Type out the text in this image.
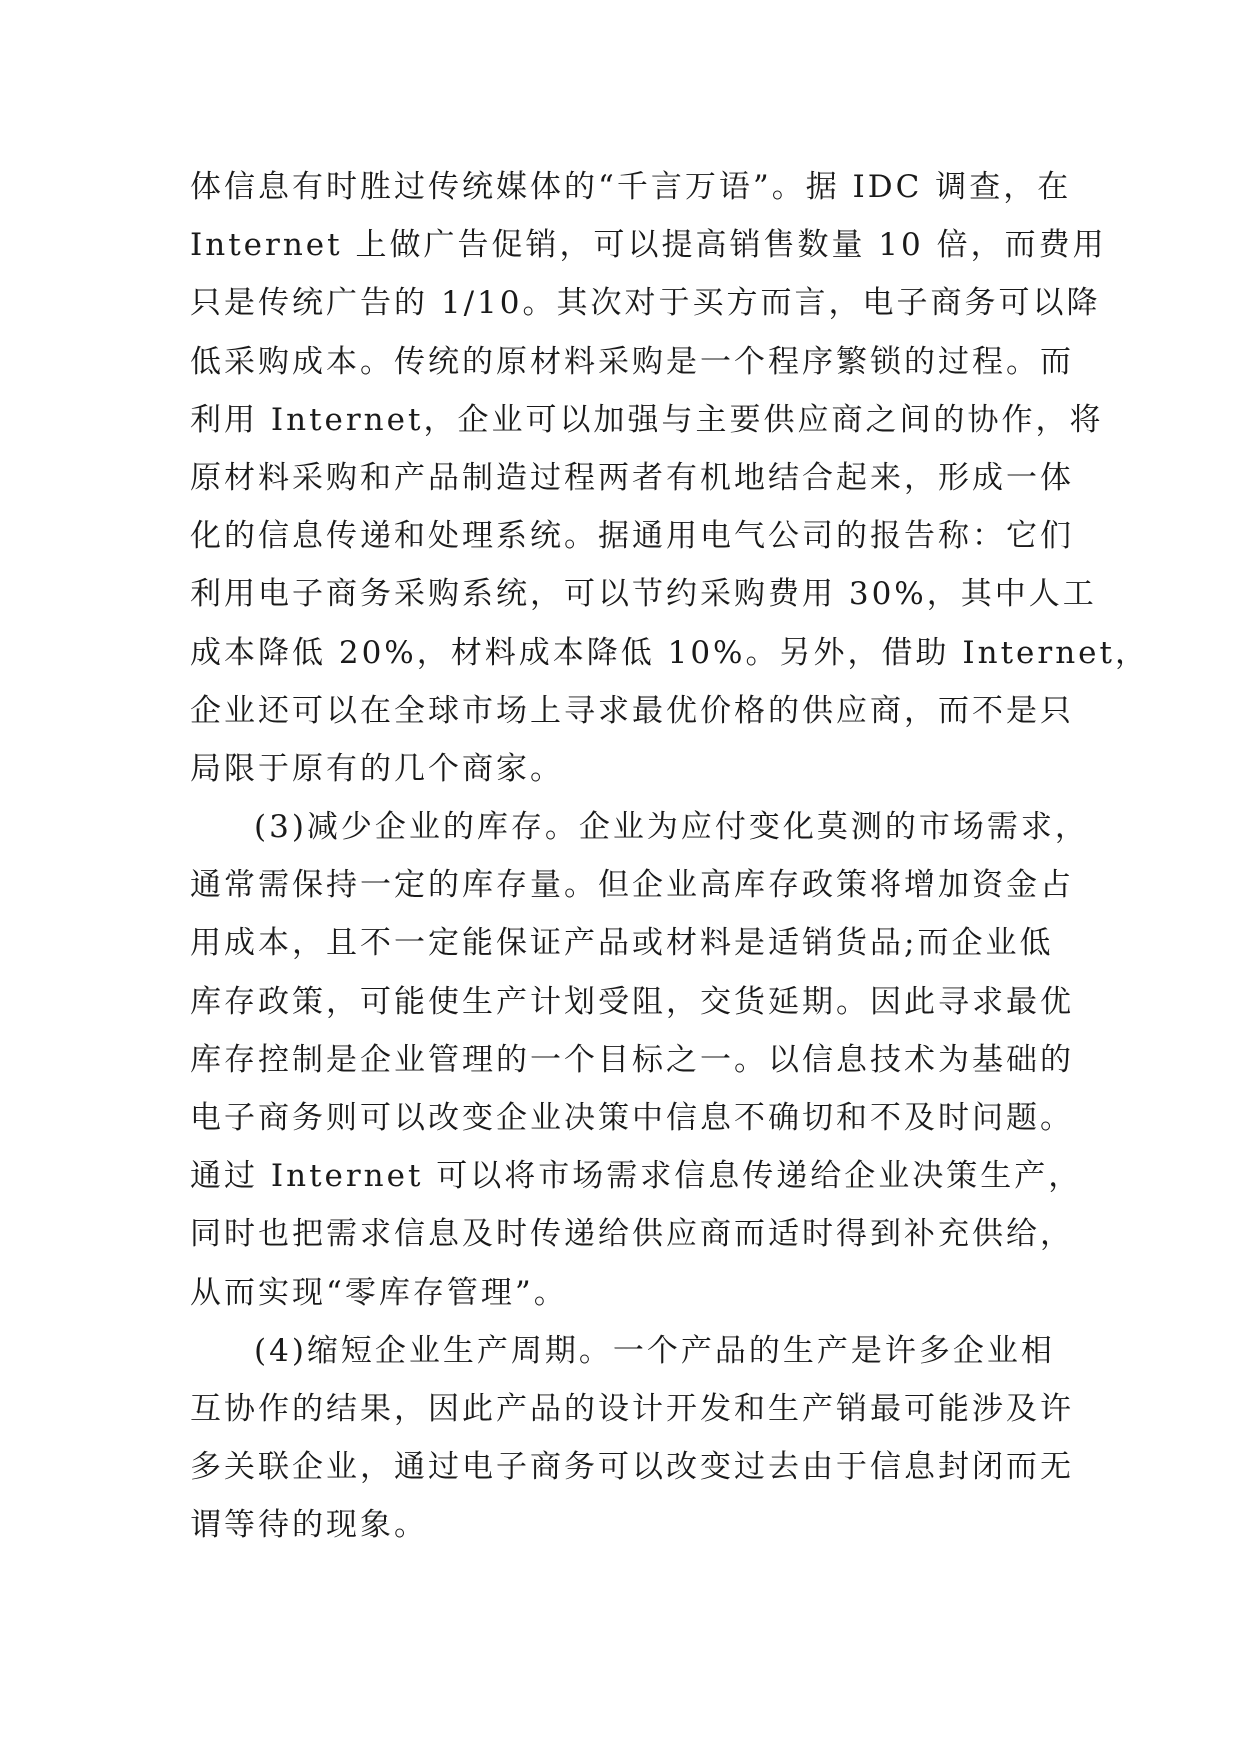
体信息有时胜过传统媒体的“千言万语”。据 IDC 调查，在
Internet 上做广告促销，可以提高销售数量 10 倍，而费用
只是传统广告的 1/10。其次对于买方而言，电子商务可以降
低采购成本。传统的原材料采购是一个程序繁锁的过程。而
利用 Internet，企业可以加强与主要供应商之间的协作，将
原材料采购和产品制造过程两者有机地结合起来，形成一体
化的信息传递和处理系统。据通用电气公司的报告称：它们
利用电子商务采购系统，可以节约采购费用 30%，其中人工
成本降低 20%，材料成本降低 10%。另外，借助 Internet，
企业还可以在全球市场上寻求最优价格的供应商，而不是只
局限于原有的几个商家。
(3)减少企业的库存。企业为应付变化莫测的市场需求，
通常需保持一定的库存量。但企业高库存政策将增加资金占
用成本，且不一定能保证产品或材料是适销货品;而企业低
库存政策，可能使生产计划受阻，交货延期。因此寻求最优
库存控制是企业管理的一个目标之一。以信息技术为基础的
电子商务则可以改变企业决策中信息不确切和不及时问题。
通过 Internet 可以将市场需求信息传递给企业决策生产，
同时也把需求信息及时传递给供应商而适时得到补充供给，
从而实现“零库存管理”。
(4)缩短企业生产周期。一个产品的生产是许多企业相
互协作的结果，因此产品的设计开发和生产销最可能涉及许
多关联企业，通过电子商务可以改变过去由于信息封闭而无
谓等待的现象。
